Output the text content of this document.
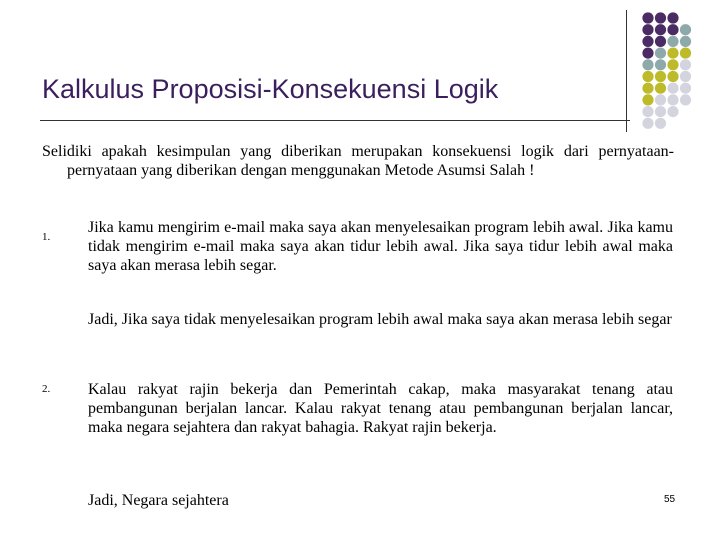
Kalkulus Proposisi-Konsekuensi Logik
Selidiki apakah kesimpulan yang diberikan merupakan konsekuensi logik dari pernyataan-pernyataan yang diberikan dengan menggunakan Metode Asumsi Salah !
1.
Jika kamu mengirim e-mail maka saya akan menyelesaikan program lebih awal. Jika kamu tidak mengirim e-mail maka saya akan tidur lebih awal. Jika saya tidur lebih awal maka saya akan merasa lebih segar.
Jadi, Jika saya tidak menyelesaikan program lebih awal maka saya akan merasa lebih segar
2. Kalau rakyat rajin bekerja dan Pemerintah cakap, maka masyarakat tenang atau pembangunan berjalan lancar. Kalau rakyat tenang atau pembangunan berjalan lancar, maka negara sejahtera dan rakyat bahagia. Rakyat rajin bekerja.
Jadi, Negara sejahtera	55
